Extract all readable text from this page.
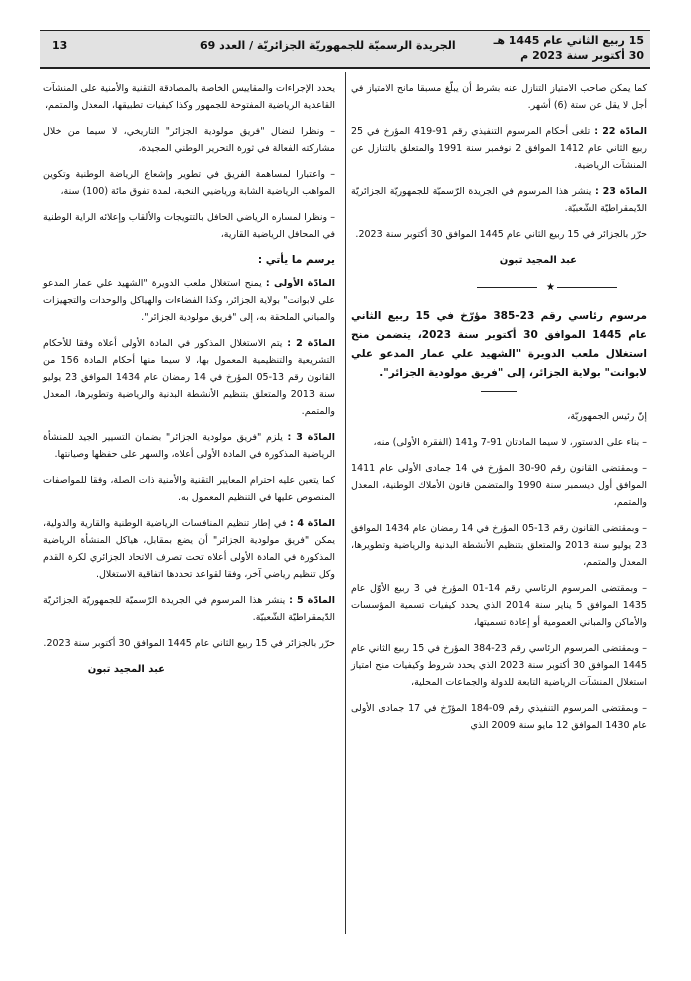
15 ربيع الثاني عام 1445 هـ
30 أكتوبر سنة 2023 م
الجريدة الرسميّة للجمهوريّة الجزائريّة / العدد 69
13

كما يمكن صاحب الامتياز التنازل عنه بشرط أن يبلّغ مسبقا مانح الامتياز في أجل لا يقل عن ستة (6) أشهر.

المادّة 22 : تلغى أحكام المرسوم التنفيذي رقم 91-419 المؤرخ في 25 ربيع الثاني عام 1412 الموافق 2 نوفمبر سنة 1991 والمتعلق بالتنازل عن المنشآت الرياضية.

المادّة 23 : ينشر هذا المرسوم في الجريدة الرّسميّة للجمهوريّة الجزائريّة الدّيمقراطيّة الشّعبيّة.

حرّر بالجزائر في 15 ربيع الثاني عام 1445 الموافق 30 أكتوبر سنة 2023.

عبد المجيد تبون
★
مرسوم رئاسي رقم 23-385 مؤرّخ في 15 ربيع الثاني عام 1445 الموافق 30 أكتوبر سنة 2023، يتضمن منح استغلال ملعب الدويرة "الشهيد علي عمار المدعو علي لابوانت" بولاية الجزائر، إلى "فريق مولودية الجزائر".

إنّ رئيس الجمهوريّة،

– بناء على الدستور، لا سيما المادتان 91-7 و141 (الفقرة الأولى) منه،

– وبمقتضى القانون رقم 90-30 المؤرخ في 14 جمادى الأولى عام 1411 الموافق أول ديسمبر سنة 1990 والمتضمن قانون الأملاك الوطنية، المعدل والمتمم،

– وبمقتضى القانون رقم 13-05 المؤرخ في 14 رمضان عام 1434 الموافق 23 يوليو سنة 2013 والمتعلق بتنظيم الأنشطة البدنية والرياضية وتطويرها، المعدل والمتمم،

– وبمقتضى المرسوم الرئاسي رقم 14-01 المؤرخ في 3 ربيع الأوّل عام 1435 الموافق 5 يناير سنة 2014 الذي يحدد كيفيات تسمية المؤسسات والأماكن والمباني العمومية أو إعادة تسميتها،

– وبمقتضى المرسوم الرئاسي رقم 23-384 المؤرخ في 15 ربيع الثاني عام 1445 الموافق 30 أكتوبر سنة 2023 الذي يحدد شروط وكيفيات منح امتياز استغلال المنشآت الرياضية التابعة للدولة والجماعات المحلية،

– وبمقتضى المرسوم التنفيذي رقم 09-184 المؤرّخ في 17 جمادى الأولى عام 1430 الموافق 12 مايو سنة 2009 الذي

يحدد الإجراءات والمقاييس الخاصة بالمصادقة التقنية والأمنية على المنشآت القاعدية الرياضية المفتوحة للجمهور وكذا كيفيات تطبيقها، المعدل والمتمم،

– ونظرا لنضال "فريق مولودية الجزائر" التاريخي، لا سيما من خلال مشاركته الفعالة في ثورة التحرير الوطني المجيدة،

– واعتبارا لمساهمة الفريق في تطوير وإشعاع الرياضة الوطنية وتكوين المواهب الرياضية الشابة ورياضيي النخبة، لمدة تفوق مائة (100) سنة،

– ونظرا لمساره الرياضي الحافل بالتتويجات والألقاب وإعلائه الراية الوطنية في المحافل الرياضية القارية،

يرسم ما يأتي :

المادّة الأولى : يمنح استغلال ملعب الدويرة "الشهيد علي عمار المدعو علي لابوانت" بولاية الجزائر، وكذا الفضاءات والهياكل والوحدات والتجهيزات والمباني الملحقة به، إلى "فريق مولودية الجزائر".

المادّة 2 : يتم الاستغلال المذكور في المادة الأولى أعلاه وفقا للأحكام التشريعية والتنظيمية المعمول بها، لا سيما منها أحكام المادة 156 من القانون رقم 13-05 المؤرخ في 14 رمضان عام 1434 الموافق 23 يوليو سنة 2013 والمتعلق بتنظيم الأنشطة البدنية والرياضية وتطويرها، المعدل والمتمم.

المادّة 3 : يلزم "فريق مولودية الجزائر" بضمان التسيير الجيد للمنشأة الرياضية المذكورة في المادة الأولى أعلاه، والسهر على حفظها وصيانتها.

كما يتعين عليه احترام المعايير التقنية والأمنية ذات الصلة، وفقا للمواصفات المنصوص عليها في التنظيم المعمول به.

المادّة 4 : في إطار تنظيم المنافسات الرياضية الوطنية والقارية والدولية، يمكن "فريق مولودية الجزائر" أن يضع بمقابل، هياكل المنشأة الرياضية المذكورة في المادة الأولى أعلاه تحت تصرف الاتحاد الجزائري لكرة القدم وكل تنظيم رياضي آخر، وفقا لقواعد تحددها اتفاقية الاستغلال.

المادّة 5 : ينشر هذا المرسوم في الجريدة الرّسميّة للجمهوريّة الجزائريّة الدّيمقراطيّة الشّعبيّة.

حرّر بالجزائر في 15 ربيع الثاني عام 1445 الموافق 30 أكتوبر سنة 2023.

عبد المجيد تبون
